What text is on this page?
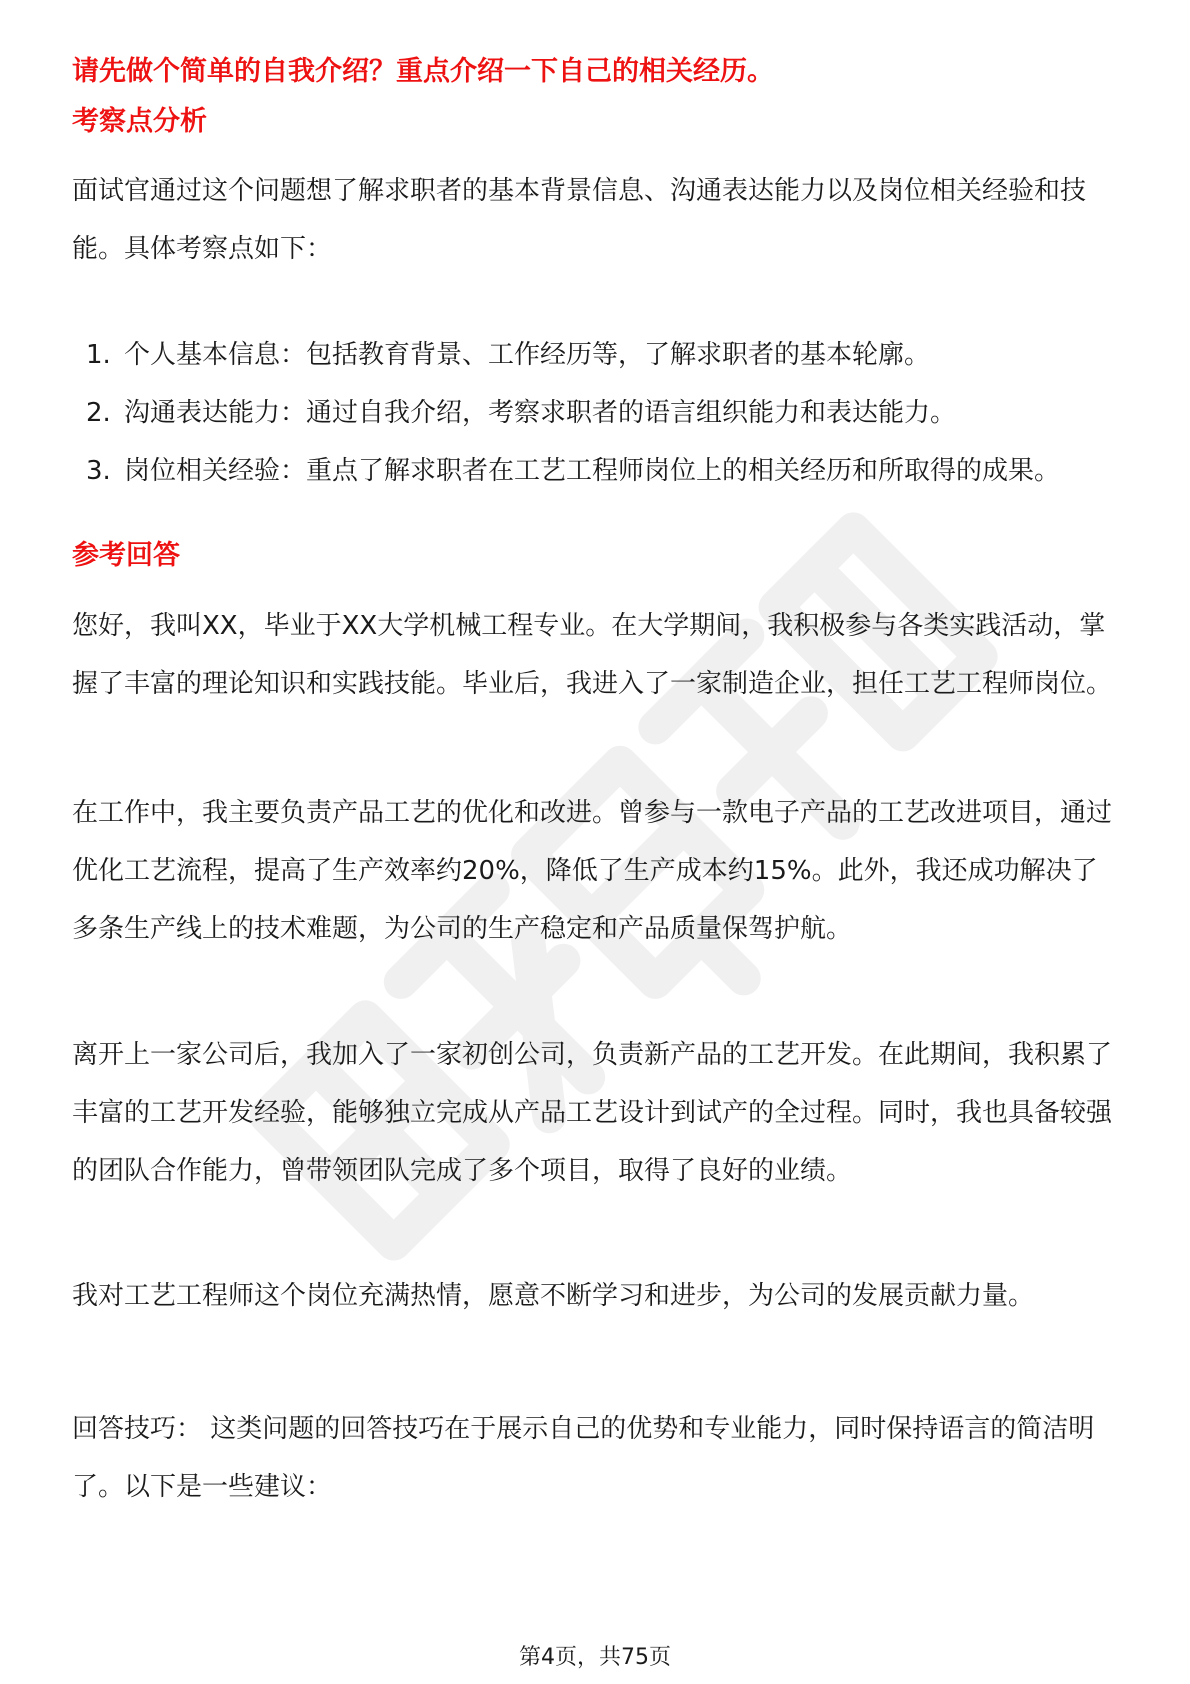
请先做个简单的自我介绍？重点介绍一下自己的相关经历。
考察点分析

面试官通过这个问题想了解求职者的基本背景信息、沟通表达能力以及岗位相关经验和技能。具体考察点如下：

1. 个人基本信息：包括教育背景、工作经历等，了解求职者的基本轮廓。
2. 沟通表达能力：通过自我介绍，考察求职者的语言组织能力和表达能力。
3. 岗位相关经验：重点了解求职者在工艺工程师岗位上的相关经历和所取得的成果。
参考回答

您好，我叫XX，毕业于XX大学机械工程专业。在大学期间，我积极参与各类实践活动，掌握了丰富的理论知识和实践技能。毕业后，我进入了一家制造企业，担任工艺工程师岗位。

在工作中，我主要负责产品工艺的优化和改进。曾参与一款电子产品的工艺改进项目，通过优化工艺流程，提高了生产效率约20%，降低了生产成本约15%。此外，我还成功解决了多条生产线上的技术难题，为公司的生产稳定和产品质量保驾护航。

离开上一家公司后，我加入了一家初创公司，负责新产品的工艺开发。在此期间，我积累了丰富的工艺开发经验，能够独立完成从产品工艺设计到试产的全过程。同时，我也具备较强的团队合作能力，曾带领团队完成了多个项目，取得了良好的业绩。

我对工艺工程师这个岗位充满热情，愿意不断学习和进步，为公司的发展贡献力量。

回答技巧： 这类问题的回答技巧在于展示自己的优势和专业能力，同时保持语言的简洁明了。以下是一些建议：

第4页，共75页
